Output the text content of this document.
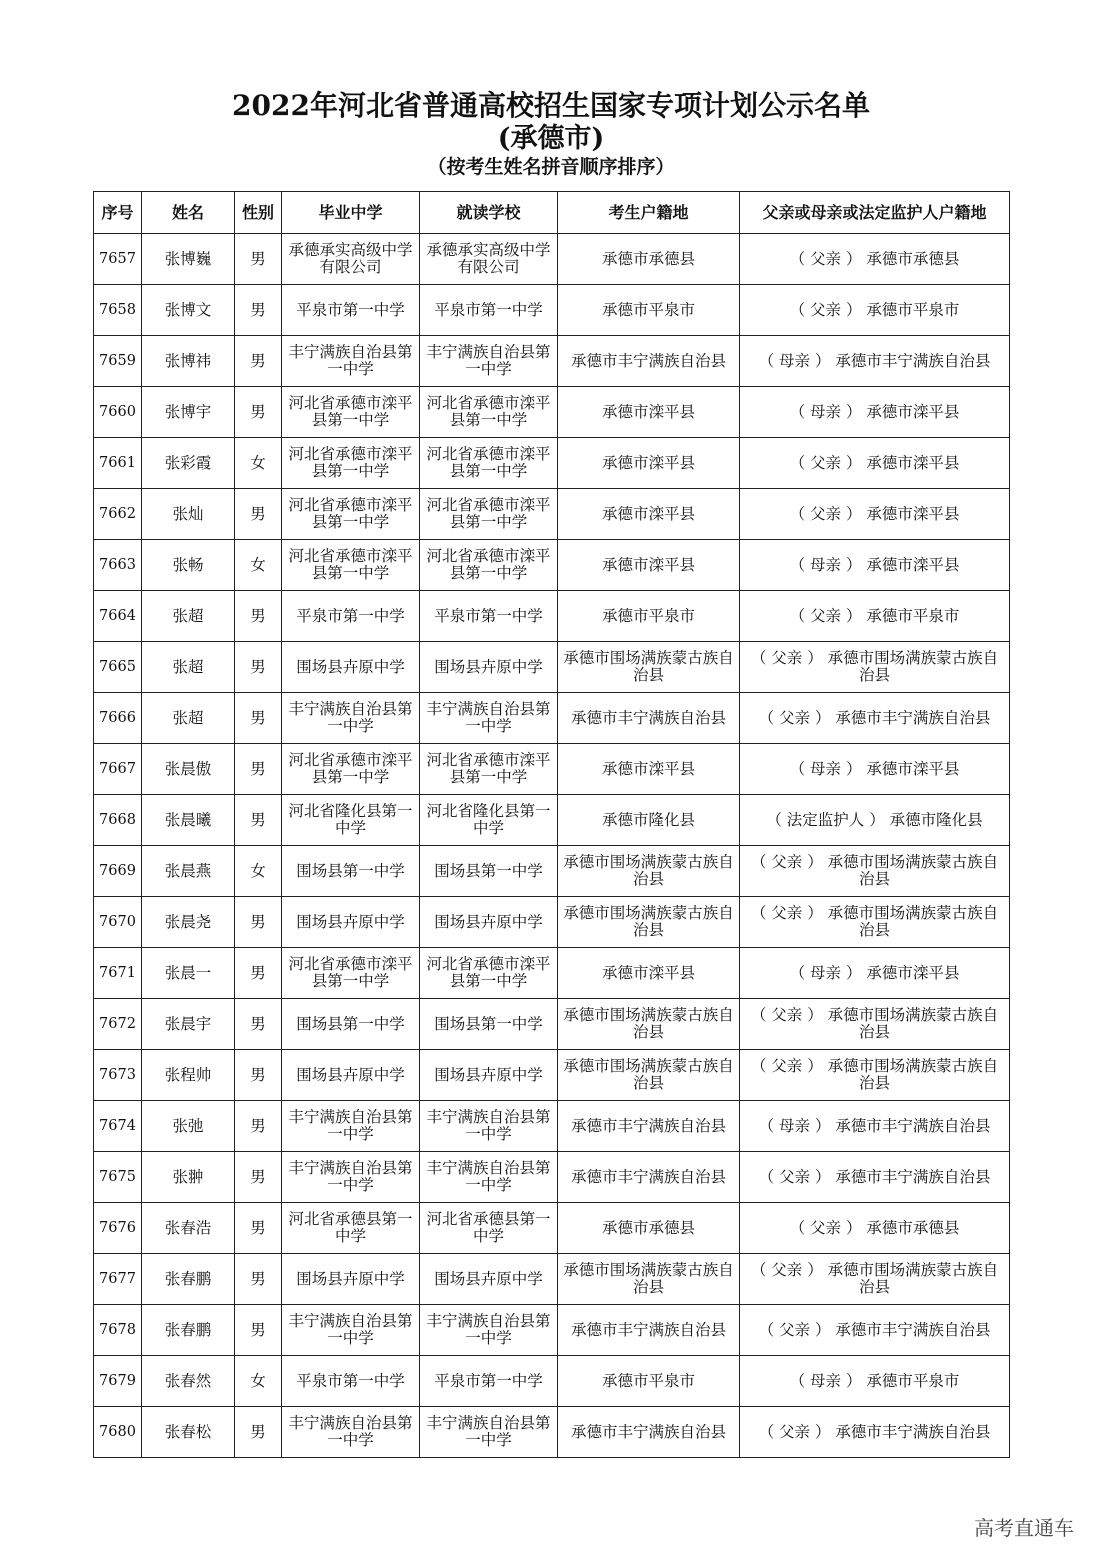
2022年河北省普通高校招生国家专项计划公示名单
(承德市)
（按考生姓名拼音顺序排序）
序号	姓名	性别	毕业中学	就读学校	考生户籍地	父亲或母亲或法定监护人户籍地
7657	张博巍	男	承德承实高级中学有限公司	承德承实高级中学有限公司	承德市承德县	（ 父亲 ） 承德市承德县
7658	张博文	男	平泉市第一中学	平泉市第一中学	承德市平泉市	（ 父亲 ） 承德市平泉市
7659	张博祎	男	丰宁满族自治县第一中学	丰宁满族自治县第一中学	承德市丰宁满族自治县	（ 母亲 ） 承德市丰宁满族自治县
7660	张博宇	男	河北省承德市滦平县第一中学	河北省承德市滦平县第一中学	承德市滦平县	（ 母亲 ） 承德市滦平县
7661	张彩霞	女	河北省承德市滦平县第一中学	河北省承德市滦平县第一中学	承德市滦平县	（ 父亲 ） 承德市滦平县
7662	张灿	男	河北省承德市滦平县第一中学	河北省承德市滦平县第一中学	承德市滦平县	（ 父亲 ） 承德市滦平县
7663	张畅	女	河北省承德市滦平县第一中学	河北省承德市滦平县第一中学	承德市滦平县	（ 母亲 ） 承德市滦平县
7664	张超	男	平泉市第一中学	平泉市第一中学	承德市平泉市	（ 父亲 ） 承德市平泉市
7665	张超	男	围场县卉原中学	围场县卉原中学	承德市围场满族蒙古族自治县	（ 父亲 ） 承德市围场满族蒙古族自治县
7666	张超	男	丰宁满族自治县第一中学	丰宁满族自治县第一中学	承德市丰宁满族自治县	（ 父亲 ） 承德市丰宁满族自治县
7667	张晨傲	男	河北省承德市滦平县第一中学	河北省承德市滦平县第一中学	承德市滦平县	（ 母亲 ） 承德市滦平县
7668	张晨曦	男	河北省隆化县第一中学	河北省隆化县第一中学	承德市隆化县	（ 法定监护人 ） 承德市隆化县
7669	张晨燕	女	围场县第一中学	围场县第一中学	承德市围场满族蒙古族自治县	（ 父亲 ） 承德市围场满族蒙古族自治县
7670	张晨尧	男	围场县卉原中学	围场县卉原中学	承德市围场满族蒙古族自治县	（ 父亲 ） 承德市围场满族蒙古族自治县
7671	张晨一	男	河北省承德市滦平县第一中学	河北省承德市滦平县第一中学	承德市滦平县	（ 母亲 ） 承德市滦平县
7672	张晨宇	男	围场县第一中学	围场县第一中学	承德市围场满族蒙古族自治县	（ 父亲 ） 承德市围场满族蒙古族自治县
7673	张程帅	男	围场县卉原中学	围场县卉原中学	承德市围场满族蒙古族自治县	（ 父亲 ） 承德市围场满族蒙古族自治县
7674	张弛	男	丰宁满族自治县第一中学	丰宁满族自治县第一中学	承德市丰宁满族自治县	（ 母亲 ） 承德市丰宁满族自治县
7675	张翀	男	丰宁满族自治县第一中学	丰宁满族自治县第一中学	承德市丰宁满族自治县	（ 父亲 ） 承德市丰宁满族自治县
7676	张春浩	男	河北省承德县第一中学	河北省承德县第一中学	承德市承德县	（ 父亲 ） 承德市承德县
7677	张春鹏	男	围场县卉原中学	围场县卉原中学	承德市围场满族蒙古族自治县	（ 父亲 ） 承德市围场满族蒙古族自治县
7678	张春鹏	男	丰宁满族自治县第一中学	丰宁满族自治县第一中学	承德市丰宁满族自治县	（ 父亲 ） 承德市丰宁满族自治县
7679	张春然	女	平泉市第一中学	平泉市第一中学	承德市平泉市	（ 母亲 ） 承德市平泉市
7680	张春松	男	丰宁满族自治县第一中学	丰宁满族自治县第一中学	承德市丰宁满族自治县	（ 父亲 ） 承德市丰宁满族自治县
高考直通车
